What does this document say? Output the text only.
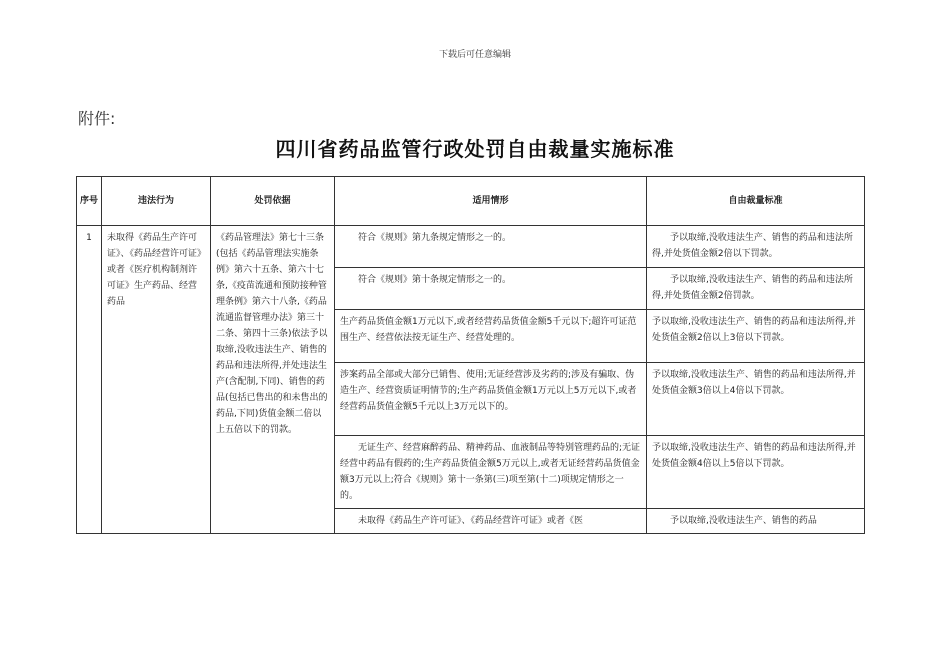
下载后可任意编辑
附件:
四川省药品监管行政处罚自由裁量实施标准
序号	违法行为	处罚依据	适用情形	自由裁量标准
1	未取得《药品生产许可证》、《药品经营许可证》或者《医疗机构制剂许可证》生产药品、经营药品	《药品管理法》第七十三条(包括《药品管理法实施条例》第六十五条、第六十七条,《疫苗流通和预防接种管理条例》第六十八条,《药品流通监督管理办法》第三十二条、第四十三条)依法予以取缔,没收违法生产、销售的药品和违法所得,并处违法生产(含配制,下同)、销售的药品(包括已售出的和未售出的药品,下同)货值金额二倍以上五倍以下的罚款。	符合《规则》第九条规定情形之一的。	予以取缔,没收违法生产、销售的药品和违法所得,并处货值金额2倍以下罚款。
			符合《规则》第十条规定情形之一的。	予以取缔,没收违法生产、销售的药品和违法所得,并处货值金额2倍罚款。
			生产药品货值金额1万元以下,或者经营药品货值金额5千元以下;超许可证范围生产、经营依法按无证生产、经营处理的。	予以取缔,没收违法生产、销售的药品和违法所得,并处货值金额2倍以上3倍以下罚款。
			涉案药品全部或大部分已销售、使用;无证经营涉及劣药的;涉及有骗取、伪造生产、经营资质证明情节的;生产药品货值金额1万元以上5万元以下,或者经营药品货值金额5千元以上3万元以下的。	予以取缔,没收违法生产、销售的药品和违法所得,并处货值金额3倍以上4倍以下罚款。
			无证生产、经营麻醉药品、精神药品、血液制品等特别管理药品的;无证经营中药品有假药的;生产药品货值金额5万元以上,或者无证经营药品货值金额3万元以上;符合《规则》第十一条第(三)项至第(十二)项规定情形之一的。	予以取缔,没收违法生产、销售的药品和违法所得,并处货值金额4倍以上5倍以下罚款。
			未取得《药品生产许可证》、《药品经营许可证》或者《医	予以取缔,没收违法生产、销售的药品
